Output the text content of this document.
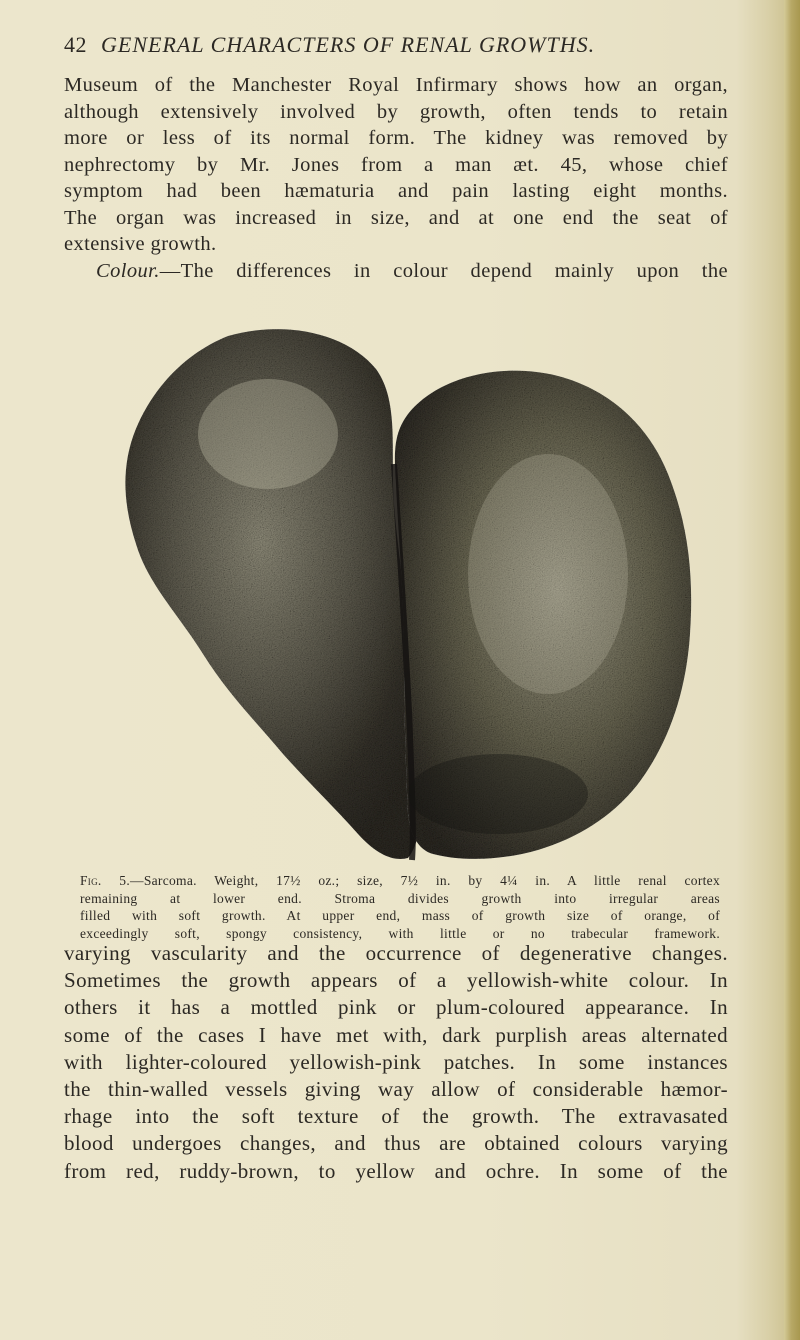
42 GENERAL CHARACTERS OF RENAL GROWTHS.
Museum of the Manchester Royal Infirmary shows how an organ,
although extensively involved by growth, often tends to retain
more or less of its normal form. The kidney was removed by
nephrectomy by Mr. Jones from a man æt. 45, whose chief
symptom had been hæmaturia and pain lasting eight months.
The organ was increased in size, and at one end the seat of
extensive growth.
Colour.—The differences in colour depend mainly upon the
Fig. 5.—Sarcoma. Weight, 17½ oz.; size, 7½ in. by 4¼ in. A little renal cortex
remaining at lower end. Stroma divides growth into irregular areas
filled with soft growth. At upper end, mass of growth size of orange, of
exceedingly soft, spongy consistency, with little or no trabecular framework.
varying vascularity and the occurrence of degenerative changes.
Sometimes the growth appears of a yellowish-white colour. In
others it has a mottled pink or plum-coloured appearance. In
some of the cases I have met with, dark purplish areas alternated
with lighter-coloured yellowish-pink patches. In some instances
the thin-walled vessels giving way allow of considerable hæmor-
rhage into the soft texture of the growth. The extravasated
blood undergoes changes, and thus are obtained colours varying
from red, ruddy-brown, to yellow and ochre. In some of the
